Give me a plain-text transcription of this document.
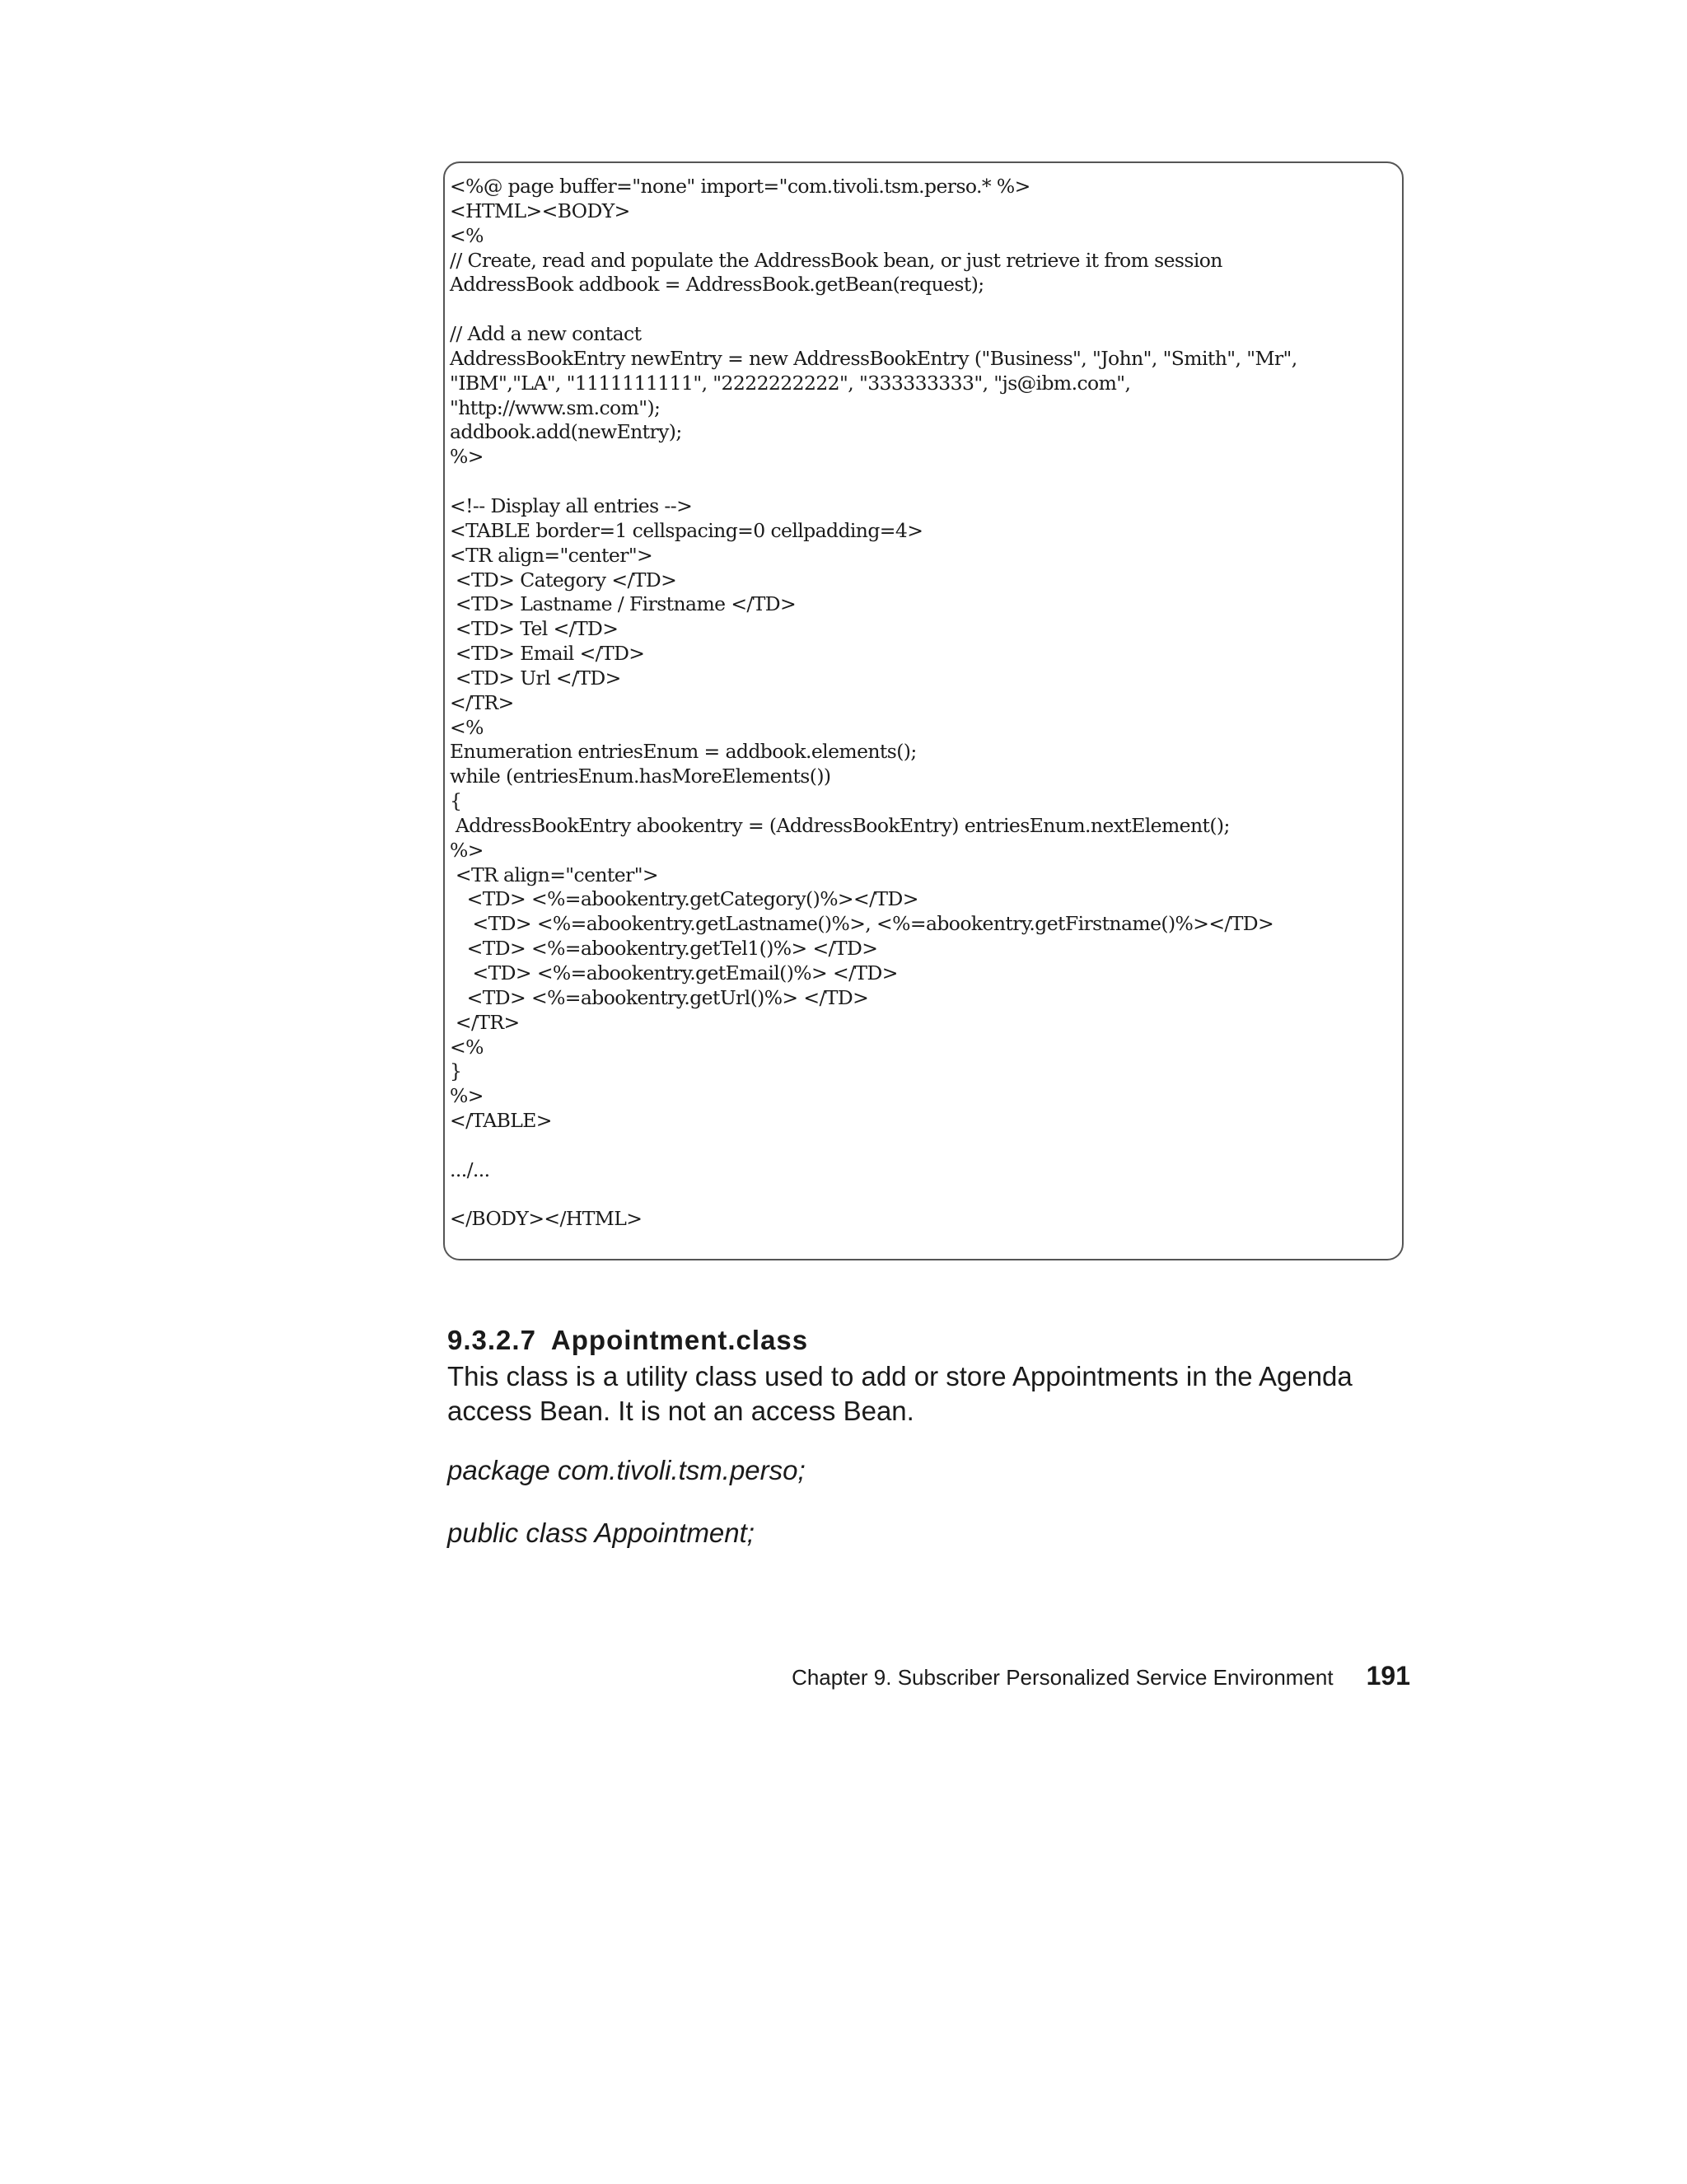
<%@ page buffer="none" import="com.tivoli.tsm.perso.* %>
<HTML><BODY>
<%
// Create, read and populate the AddressBook bean, or just retrieve it from session
AddressBook addbook = AddressBook.getBean(request);
// Add a new contact
AddressBookEntry newEntry = new AddressBookEntry ("Business", "John", "Smith", "Mr",
"IBM","LA", "1111111111", "2222222222", "333333333", "js@ibm.com",
"http://www.sm.com");
addbook.add(newEntry);
%>
<!-- Display all entries -->
<TABLE border=1 cellspacing=0 cellpadding=4>
<TR align="center">
<TD> Category </TD>
<TD> Lastname / Firstname </TD>
<TD> Tel </TD>
<TD> Email </TD>
<TD> Url </TD>
</TR>
<%
Enumeration entriesEnum = addbook.elements();
while (entriesEnum.hasMoreElements())
{
AddressBookEntry abookentry = (AddressBookEntry) entriesEnum.nextElement();
%>
<TR align="center">
<TD> <%=abookentry.getCategory()%></TD>
<TD> <%=abookentry.getLastname()%>, <%=abookentry.getFirstname()%></TD>
<TD> <%=abookentry.getTel1()%> </TD>
<TD> <%=abookentry.getEmail()%> </TD>
<TD> <%=abookentry.getUrl()%> </TD>
</TR>
<%
}
%>
</TABLE>
.../...
</BODY></HTML>
9.3.2.7 Appointment.class

This class is a utility class used to add or store Appointments in the Agenda access Bean. It is not an access Bean.

package com.tivoli.tsm.perso;

public class Appointment;

Chapter 9. Subscriber Personalized Service Environment 191
